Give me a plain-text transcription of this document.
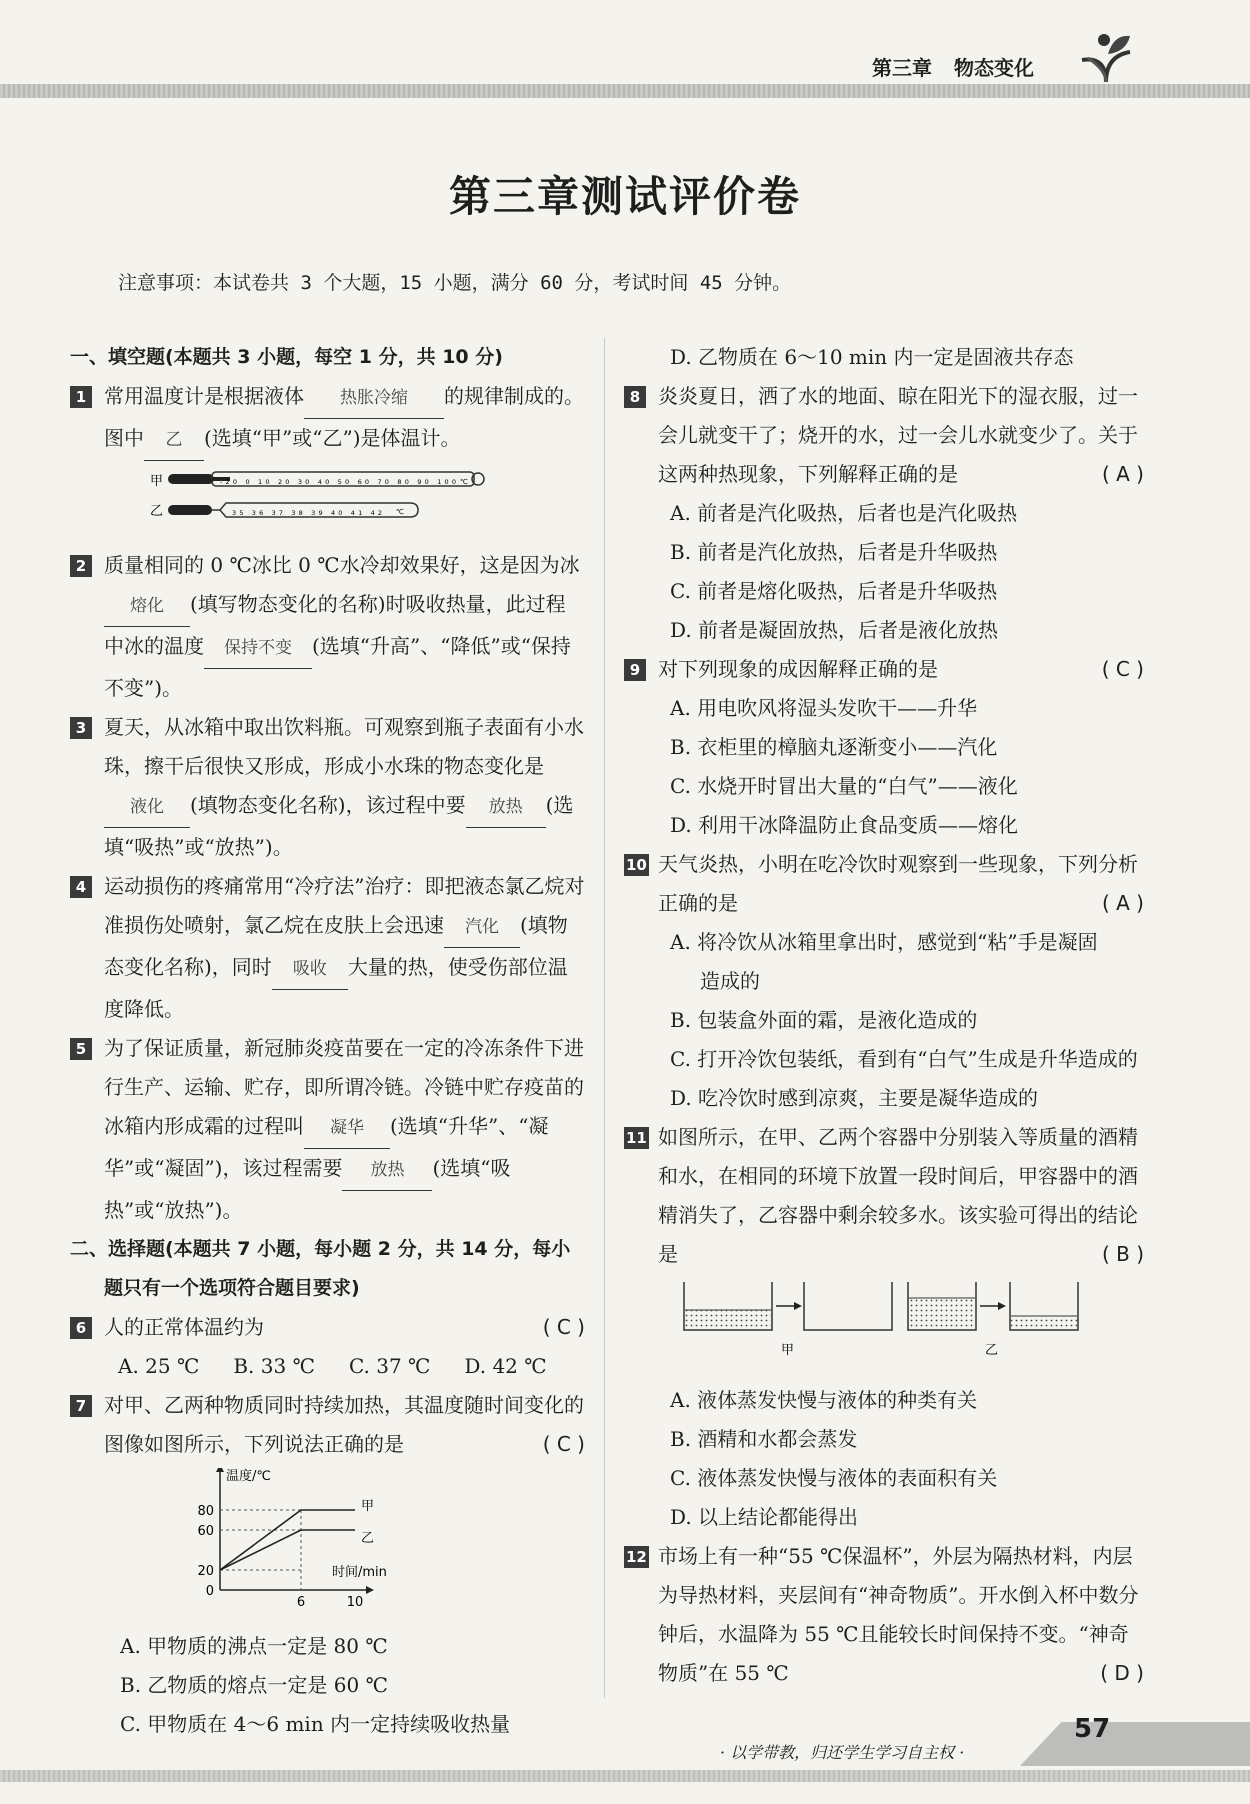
第三章 物态变化
第三章测试评价卷
注意事项：本试卷共 3 个大题，15 小题，满分 60 分，考试时间 45 分钟。
一、填空题(本题共 3 小题，每空 1 分，共 10 分)
1 常用温度计是根据液体 热胀冷缩 的规律制成的。图中 乙 (选填“甲”或“乙”)是体温计。
甲	-20 0 10 20 30 40 50 60 70 80 90 100 ℃
乙	35 36 37 38 39 40 41 42 ℃
2 质量相同的 0 ℃冰比 0 ℃水冷却效果好，这是因为冰熔化 (填写物态变化的名称)时吸收热量，此过程中冰的温度 保持不变 (选填“升高”、“降低”或“保持不变”)。
3 夏天，从冰箱中取出饮料瓶。可观察到瓶子表面有小水珠，擦干后很快又形成，形成小水珠的物态变化是液化 (填物态变化名称)，该过程中要 放热 (选填“吸热”或“放热”)。
4 运动损伤的疼痛常用“冷疗法”治疗：即把液态氯乙烷对准损伤处喷射，氯乙烷在皮肤上会迅速 汽化 (填物态变化名称)，同时 吸收 大量的热，使受伤部位温度降低。
5 为了保证质量，新冠肺炎疫苗要在一定的冷冻条件下进行生产、运输、贮存，即所谓冷链。冷链中贮存疫苗的冰箱内形成霜的过程叫 凝华 (选填“升华”、“凝华”或“凝固”)，该过程需要 放热 (选填“吸热”或“放热”)。
二、选择题(本题共 7 小题，每小题 2 分，共 14 分，每小
题只有一个选项符合题目要求)
6 人的正常体温约为	( C )
A. 25 ℃ B. 33 ℃ C. 37 ℃ D. 42 ℃
7 对甲、乙两种物质同时持续加热，其温度随时间变化的图像如图所示，下列说法正确的是	( C )
温度/℃
时间/min
80
60
20
0
6	10
甲
乙
A. 甲物质的沸点一定是 80 ℃
B. 乙物质的熔点一定是 60 ℃
C. 甲物质在 4～6 min 内一定持续吸收热量
D. 乙物质在 6～10 min 内一定是固液共存态
8 炎炎夏日，洒了水的地面、晾在阳光下的湿衣服，过一会儿就变干了；烧开的水，过一会儿水就变少了。关于这两种热现象，下列解释正确的是	( A )
A. 前者是汽化吸热，后者也是汽化吸热
B. 前者是汽化放热，后者是升华吸热
C. 前者是熔化吸热，后者是升华吸热
D. 前者是凝固放热，后者是液化放热
9 对下列现象的成因解释正确的是	( C )
A. 用电吹风将湿头发吹干——升华
B. 衣柜里的樟脑丸逐渐变小——汽化
C. 水烧开时冒出大量的“白气”——液化
D. 利用干冰降温防止食品变质——熔化
10 天气炎热，小明在吃冷饮时观察到一些现象，下列分析正确的是	( A )
A. 将冷饮从冰箱里拿出时，感觉到“粘”手是凝固
造成的
B. 包装盒外面的霜，是液化造成的
C. 打开冷饮包装纸，看到有“白气”生成是升华造成的
D. 吃冷饮时感到凉爽，主要是凝华造成的
11 如图所示，在甲、乙两个容器中分别装入等质量的酒精和水，在相同的环境下放置一段时间后，甲容器中的酒精消失了，乙容器中剩余较多水。该实验可得出的结论是	( B )
甲	乙
A. 液体蒸发快慢与液体的种类有关
B. 酒精和水都会蒸发
C. 液体蒸发快慢与液体的表面积有关
D. 以上结论都能得出
12 市场上有一种“55 ℃保温杯”，外层为隔热材料，内层为导热材料，夹层间有“神奇物质”。开水倒入杯中数分钟后，水温降为 55 ℃且能较长时间保持不变。“神奇物质”在 55 ℃	( D )
57
· 以学带教，归还学生学习自主权 ·
